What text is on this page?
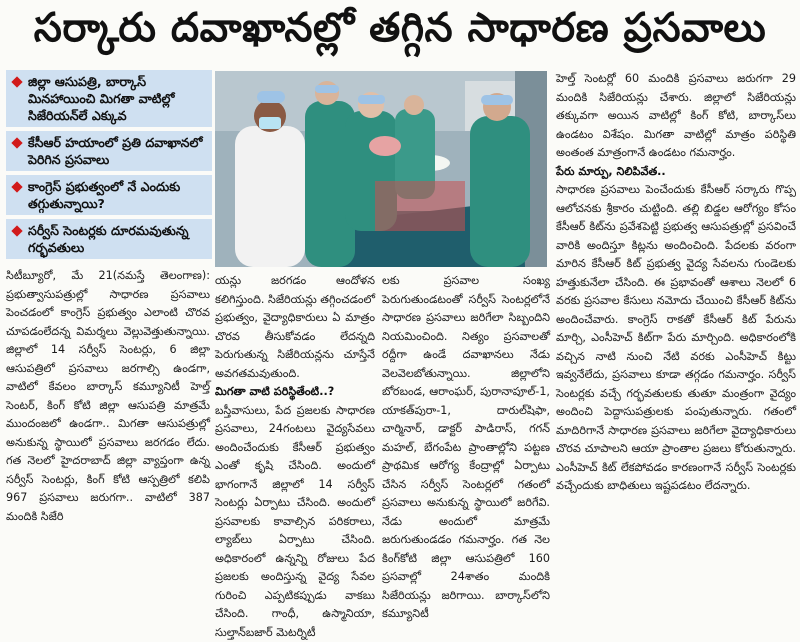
సర్కారు దవాఖానల్లో తగ్గిన సాధారణ ప్రసవాలు
జిల్లా ఆసుపత్రి, బార్కాస్ మినహాయించి మిగతా వాటిల్లో సిజేరియన్‌లే ఎక్కువ
కేసీఆర్ హయాంలో ప్రతి దవాఖానలో పెరిగిన ప్రసవాలు
కాంగ్రెస్ ప్రభుత్వంలో నే ఎందుకు తగ్గుతున్నాయి?
సర్వీస్ సెంటర్లకు దూరమవుతున్న గర్భవతులు
సిటీబ్యూరో, మే 21(నమస్తే తెలంగాణ): ప్రభుత్వాసుపత్రుల్లో సాధారణ ప్రసవాలు పెంచడంలో కాంగ్రెస్ ప్రభుత్వం ఎలాంటి చొరవ చూపడంలేదన్న విమర్శలు వెల్లువెత్తుతున్నాయి. జిల్లాలో 14 సర్వీస్ సెంటర్లు, 6 జిల్లా ఆసుపత్రిలో ప్రసవాలు జరగాల్సి ఉండగా, వాటిలో కేవలం బార్కాస్ కమ్యూనిటీ హెల్త్ సెంటర్, కింగ్ కోటి జిల్లా ఆసుపత్రి మాత్రమే ముందంజలో ఉండగా.. మిగతా ఆసుపత్రుల్లో అనుకున్న స్థాయిలో ప్రసవాలు జరగడం లేదు. గత నెలలో హైదరాబాద్ జిల్లా వ్యాప్తంగా ఉన్న సర్వీస్ సెంటర్లు, కింగ్ కోటి ఆస్పత్రిలో కలిపి 967 ప్రసవాలు జరుగగా.. వాటిలో 387 మందికి సిజేరి
యన్లు జరగడం ఆందోళన కలిగిస్తుంది. సిజేరియన్లు తగ్గించడంలో ప్రభుత్వం, వైద్యాధికారులు ఏ మాత్రం చొరవ తీసుకోవడం లేదన్నది పెరుగుతున్న సిజేరియన్లను చూస్తేనే అవగతమవుతుంది.
మిగతా వాటి పరిస్థితేంటి..?
బస్తీవాసులు, పేద ప్రజలకు సాధారణ ప్రసవాలు, 24గంటలు వైద్యసేవలు అందించేందుకు కేసీఆర్ ప్రభుత్వం ఎంతో కృషి చేసింది. అందులో భాగంగానే జిల్లాలో 14 సర్వీస్ సెంటర్లు ఏర్పాటు చేసింది. అందులో ప్రసవాలకు కావాల్సిన పరికరాలు, ల్యాబ్‌లు ఏర్పాటు చేసింది. అధికారంలో ఉన్నన్ని రోజులు పేద ప్రజలకు అందిస్తున్న వైద్య సేవల గురించి ఎప్పటికప్పుడు వాకబు చేసింది. గాంధీ, ఉస్మానియా, సుల్తాన్‌బజార్ మెటర్నిటీ
లకు ప్రసవాల సంఖ్య పెరుగుతుండటంతో సర్వీస్ సెంటర్లలోనే సాధారణ ప్రసవాలు జరిగేలా సిబ్బందిని నియమించింది. నిత్యం ప్రసవాలతో రద్దీగా ఉండే దవాఖానలు నేడు వెలవెలబోతున్నాయి. జిల్లాలోని బోరబండ, ఆరాంఘర్, పురానాపూల్-1, యాకత్‌పురా-1, దారుల్‌షిఫా, చార్మినార్, డాక్టర్ పాడిరాస్, గగన్ మహల్, బేగంపేట ప్రాంతాల్లోని పట్టణ ప్రాథమిక ఆరోగ్య కేంద్రాల్లో ఏర్పాటు చేసిన సర్వీస్ సెంటర్లలో గతంలో ప్రసవాలు అనుకున్న స్థాయిలో జరిగేవి. నేడు అందులో మాత్రమే జరుగుతుండడం గమనార్హం. గత నెల కింగ్‌కోటి జిల్లా ఆసుపత్రిలో 160 ప్రసవాల్లో 24శాతం మందికి సిజేరియన్లు జరిగాయి. బార్కాస్‌లోని కమ్యూనిటీ
హెల్త్ సెంటర్లో 60 మందికి ప్రసవాలు జరుగగా 29 మందికి సిజేరియన్లు చేశారు. జిల్లాలో సిజేరియన్లు తక్కువగా అయిన వాటిల్లో కింగ్ కోటి, బార్కాస్‌లు ఉండటం విశేషం. మిగతా వాటిల్లో మాత్రం పరిస్థితి అంతంత మాత్రంగానే ఉండటం గమనార్హం.
పేరు మార్పు, నిలిపివేత..
సాధారణ ప్రసవాలు పెంచేందుకు కేసీఆర్ సర్కారు గొప్ప ఆలోచనకు శ్రీకారం చుట్టింది. తల్లి బిడ్డల ఆరోగ్యం కోసం కేసీఆర్ కిట్‌ను ప్రవేశపెట్టి ప్రభుత్వ ఆసుపత్రుల్లో ప్రసవించే వారికి అందిస్తూ కిట్లను అందించింది. పేదలకు వరంగా మారిన కేసీఆర్ కిట్ ప్రభుత్వ వైద్య సేవలను గుండెలకు హత్తుకునేలా చేసింది. ఈ ప్రభావంతో ఆశాలు నెలలో 6 వరకు ప్రసవాల కేసులు నమోదు చేయించి కేసీఆర్ కిట్‌ను అందించేవారు. కాంగ్రెస్ రాకతో కేసీఆర్ కిట్ పేరును మార్చి, ఎంసీహెచ్ కిట్‌గా పేరు మార్చింది. అధికారంలోకి వచ్చిన నాటి నుంచి నేటి వరకు ఎంసీహెచ్ కిట్టు ఇవ్వనేలేదు, ప్రసవాలు కూడా తగ్గడం గమనార్హం. సర్వీస్ సెంటర్లకు వచ్చే గర్భవతులకు తుతూ మంత్రంగా వైద్యం అందించి పెద్దాసుపత్రులకు పంపుతున్నారు. గతంలో మాదిరిగానే సాధారణ ప్రసవాలు జరిగేలా వైద్యాధికారులు చొరవ చూపాలని ఆయా ప్రాంతాల ప్రజలు కోరుతున్నారు. ఎంసీహెచ్ కిట్ లేకపోవడం కారణంగానే సర్వీస్ సెంటర్లకు వచ్చేందుకు బాధితులు ఇష్టపడటం లేదన్నారు.
